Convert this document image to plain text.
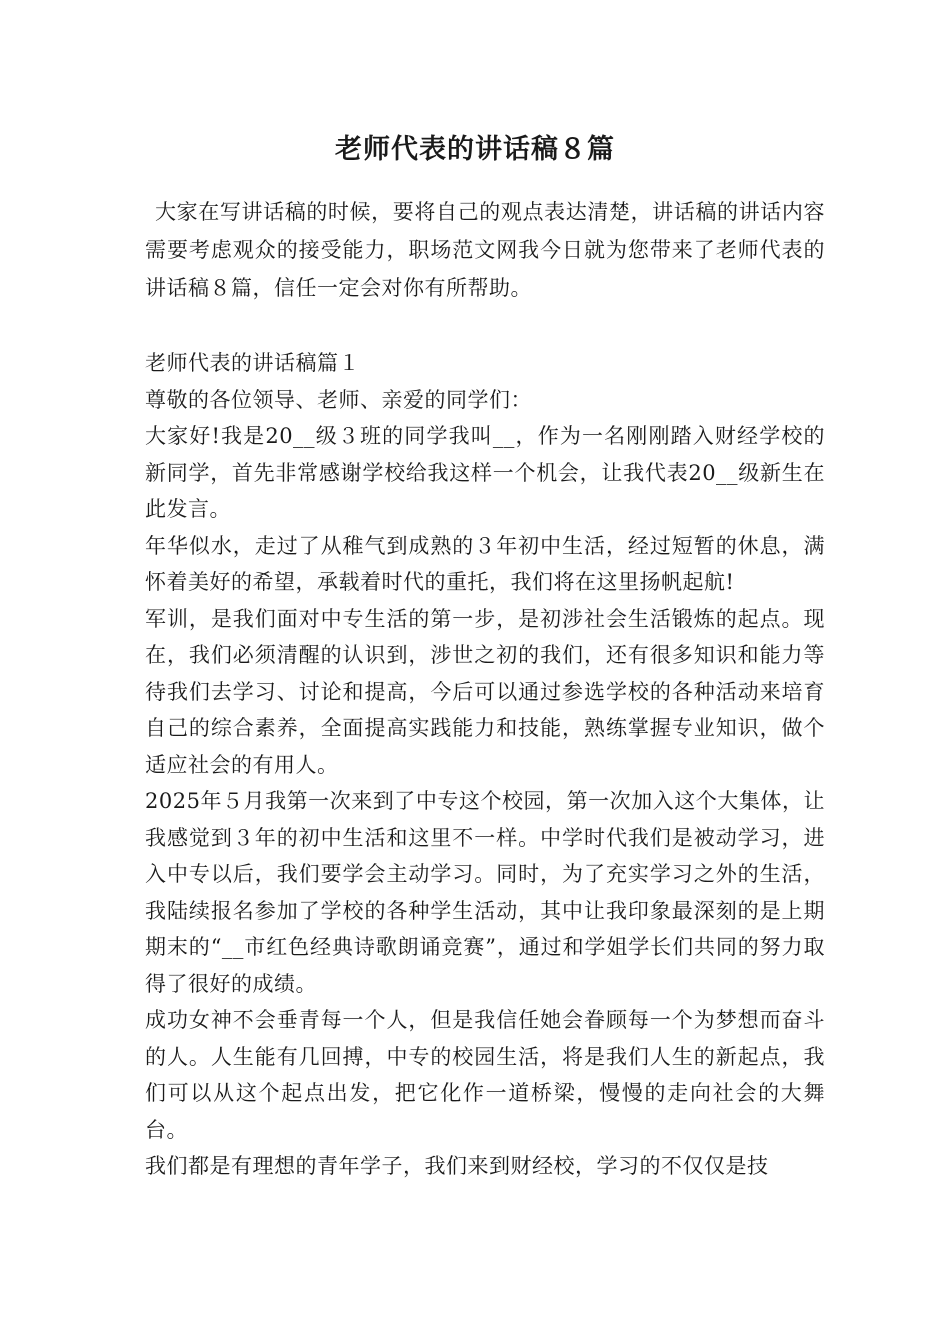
老师代表的讲话稿８篇

大家在写讲话稿的时候，要将自己的观点表达清楚，讲话稿的讲话内容需要考虑观众的接受能力，职场范文网我今日就为您带来了老师代表的讲话稿８篇，信任一定会对你有所帮助。

老师代表的讲话稿篇１

尊敬的各位领导、老师、亲爱的同学们：

大家好!我是20__级３班的同学我叫__，作为一名刚刚踏入财经学校的新同学，首先非常感谢学校给我这样一个机会，让我代表20__级新生在此发言。

年华似水，走过了从稚气到成熟的３年初中生活，经过短暂的休息，满怀着美好的希望，承载着时代的重托，我们将在这里扬帆起航!

军训，是我们面对中专生活的第一步，是初涉社会生活锻炼的起点。现在，我们必须清醒的认识到，涉世之初的我们，还有很多知识和能力等待我们去学习、讨论和提高，今后可以通过参选学校的各种活动来培育自己的综合素养，全面提高实践能力和技能，熟练掌握专业知识，做个适应社会的有用人。

2025年５月我第一次来到了中专这个校园，第一次加入这个大集体，让我感觉到３年的初中生活和这里不一样。中学时代我们是被动学习，进入中专以后，我们要学会主动学习。同时，为了充实学习之外的生活，我陆续报名参加了学校的各种学生活动，其中让我印象最深刻的是上期期末的“__市红色经典诗歌朗诵竞赛”，通过和学姐学长们共同的努力取得了很好的成绩。

成功女神不会垂青每一个人，但是我信任她会眷顾每一个为梦想而奋斗的人。人生能有几回搏，中专的校园生活，将是我们人生的新起点，我们可以从这个起点出发，把它化作一道桥梁，慢慢的走向社会的大舞台。

我们都是有理想的青年学子，我们来到财经校，学习的不仅仅是技
